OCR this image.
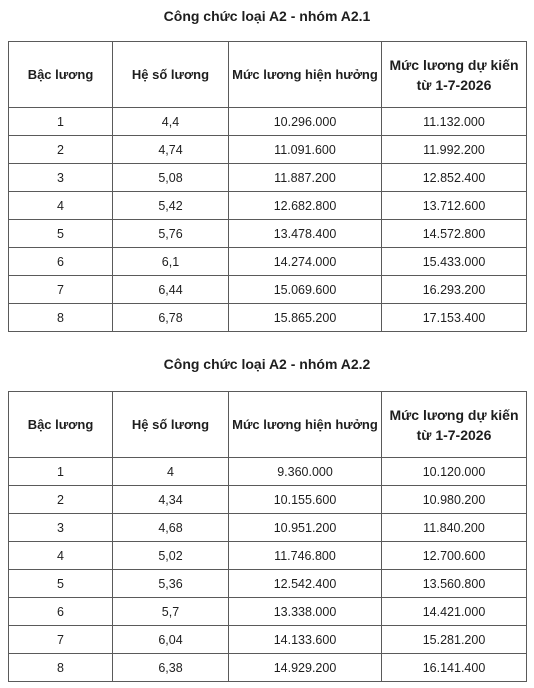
Công chức loại A2 - nhóm A2.1
Bậc lương	Hệ số lương	Mức lương hiện hưởng	Mức lương dự kiến từ 1-7-2026
1	4,4	10.296.000	11.132.000
2	4,74	11.091.600	11.992.200
3	5,08	11.887.200	12.852.400
4	5,42	12.682.800	13.712.600
5	5,76	13.478.400	14.572.800
6	6,1	14.274.000	15.433.000
7	6,44	15.069.600	16.293.200
8	6,78	15.865.200	17.153.400
Công chức loại A2 - nhóm A2.2
Bậc lương	Hệ số lương	Mức lương hiện hưởng	Mức lương dự kiến từ 1-7-2026
1	4	9.360.000	10.120.000
2	4,34	10.155.600	10.980.200
3	4,68	10.951.200	11.840.200
4	5,02	11.746.800	12.700.600
5	5,36	12.542.400	13.560.800
6	5,7	13.338.000	14.421.000
7	6,04	14.133.600	15.281.200
8	6,38	14.929.200	16.141.400
